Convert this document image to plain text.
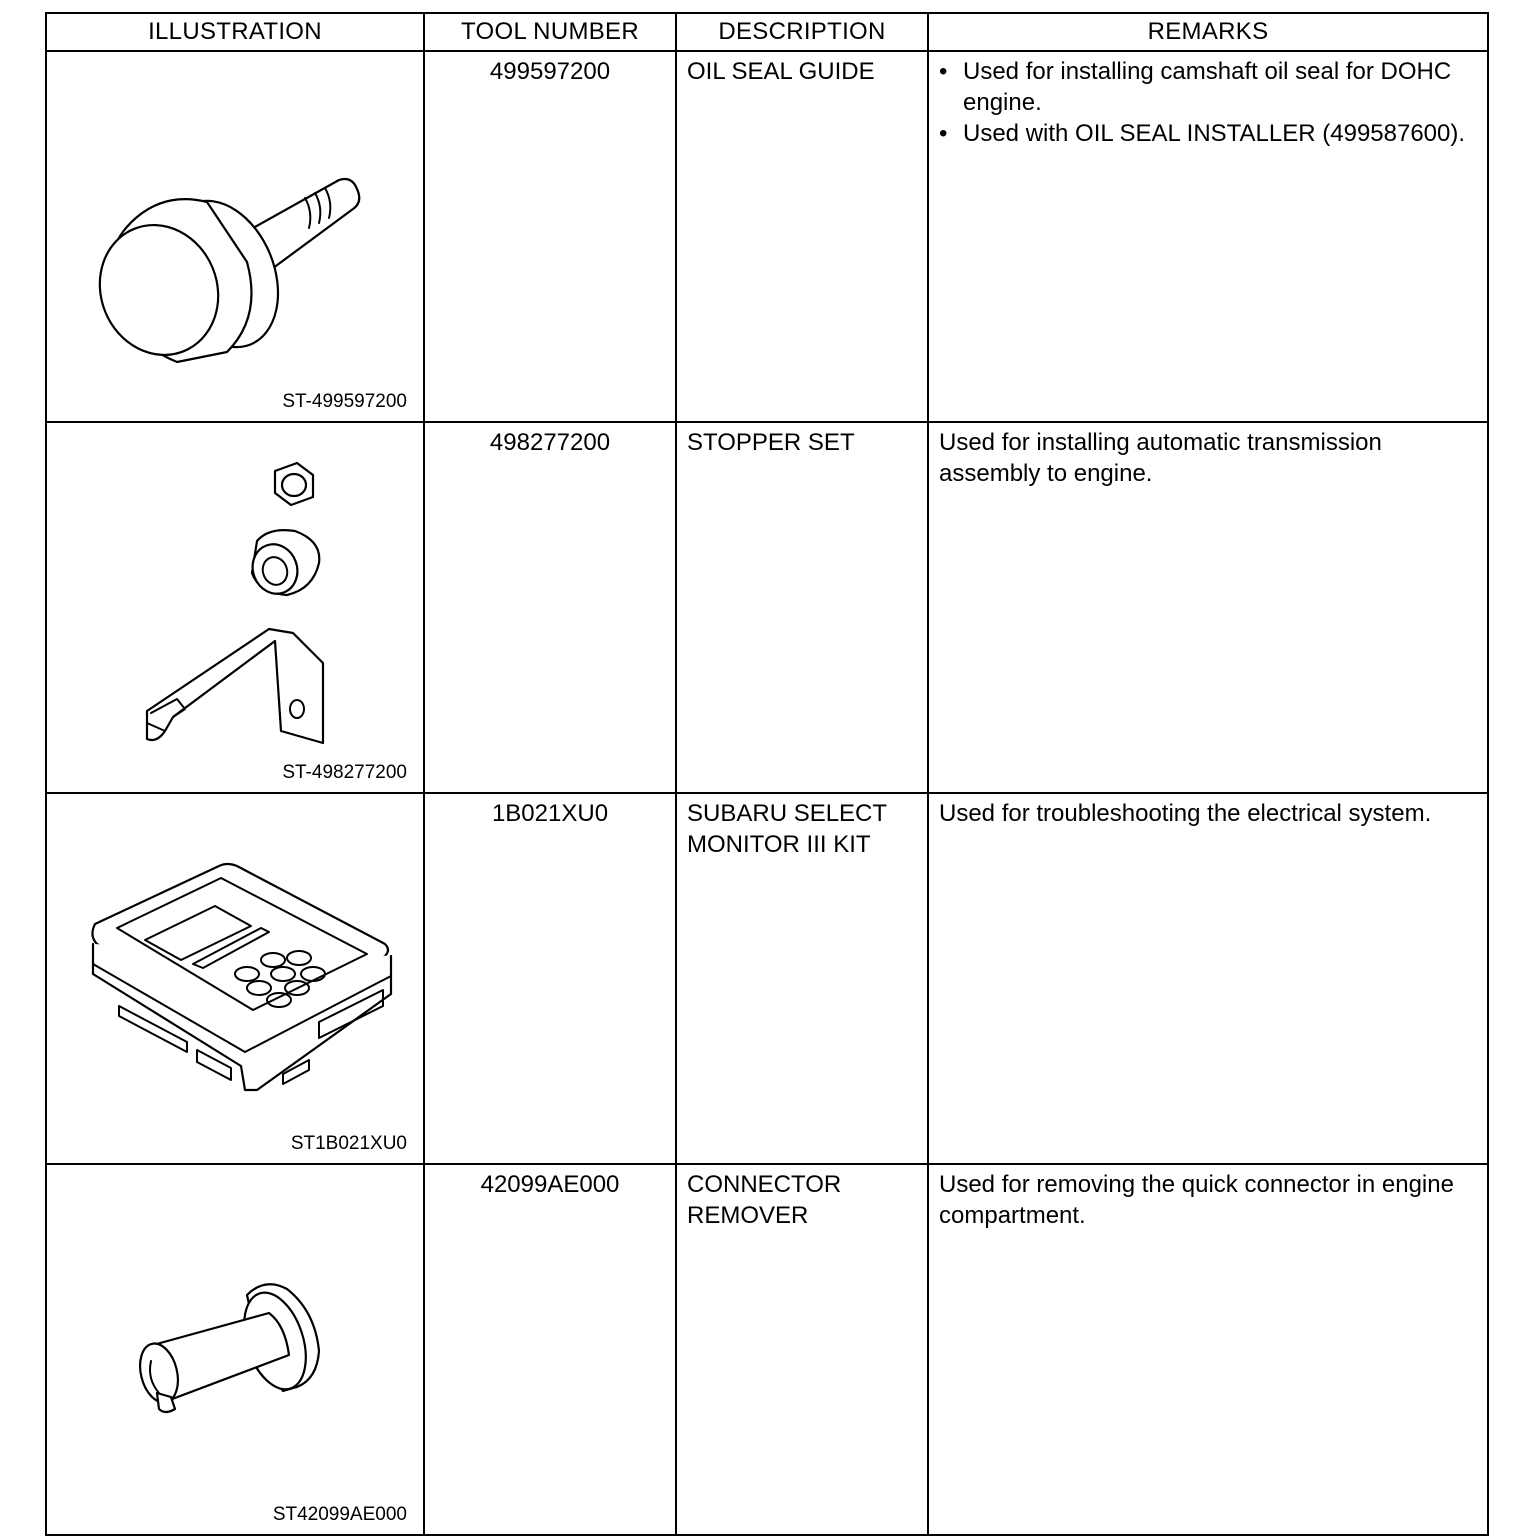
ILLUSTRATION	TOOL NUMBER	DESCRIPTION	REMARKS

ST-499597200	499597200	OIL SEAL GUIDE	• Used for installing camshaft oil seal for DOHC engine.
• Used with OIL SEAL INSTALLER (499587600).

ST-498277200	498277200	STOPPER SET	Used for installing automatic transmission assembly to engine.

ST1B021XU0	1B021XU0	SUBARU SELECT MONITOR III KIT	Used for troubleshooting the electrical system.

ST42099AE000	42099AE000	CONNECTOR REMOVER	Used for removing the quick connector in engine compartment.
